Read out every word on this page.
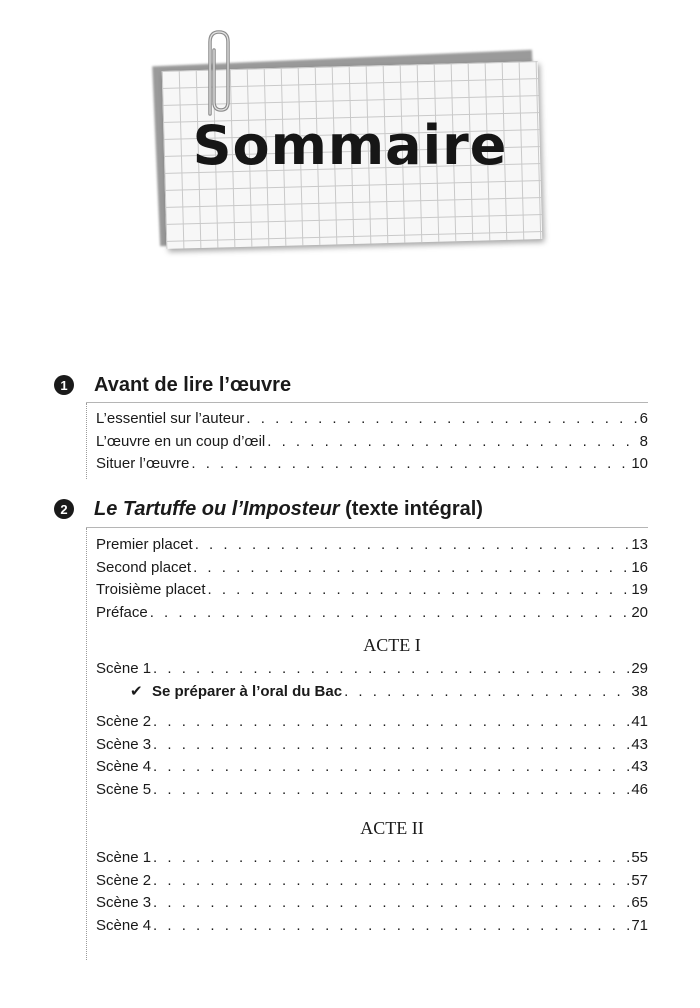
Sommaire
1	Avant de lire l’œuvre
L’essentiel sur l’auteur . . .	6
L’œuvre en un coup d’œil . . .	8
Situer l’œuvre . . .	10
2	Le Tartuffe ou l’Imposteur (texte intégral)
Premier placet . . .	13
Second placet . . .	16
Troisième placet . . .	19
Préface . . .	20
ACTE I
Scène 1 . . .	29
✔ Se préparer à l’oral du Bac . . .	38
Scène 2 . . .	41
Scène 3 . . .	43
Scène 4 . . .	43
Scène 5 . . .	46
ACTE II
Scène 1 . . .	55
Scène 2 . . .	57
Scène 3 . . .	65
Scène 4 . . .	71
